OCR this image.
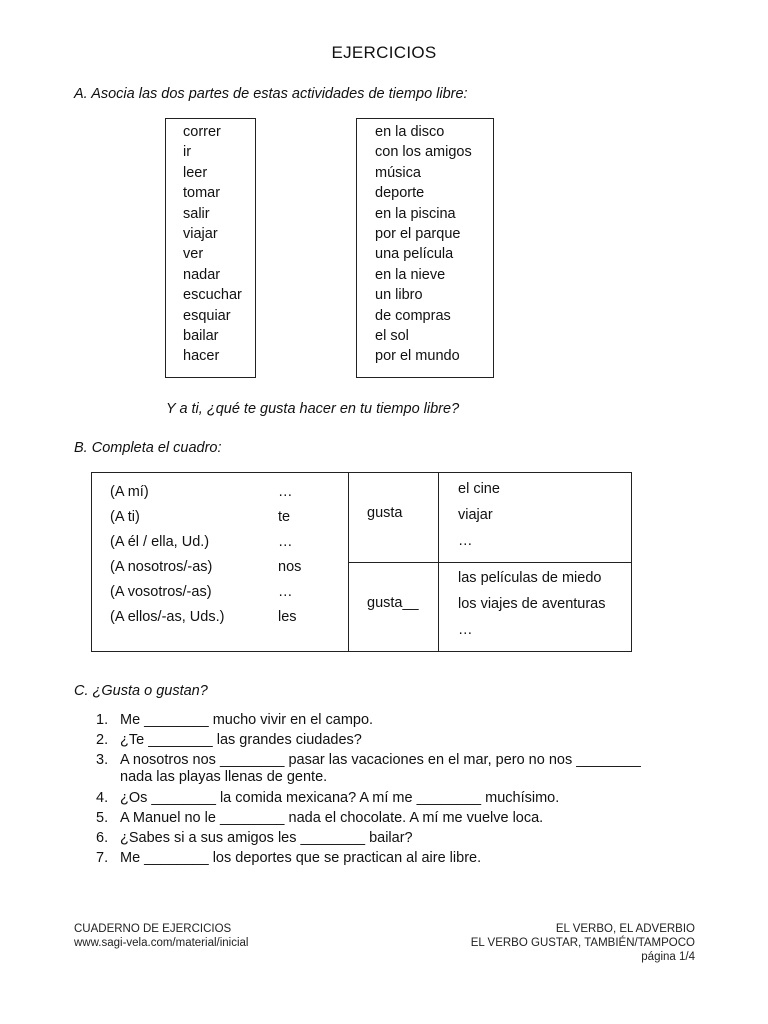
EJERCICIOS
A. Asocia las dos partes de estas actividades de tiempo libre:
correr
ir
leer
tomar
salir
viajar
ver
nadar
escuchar
esquiar
bailar
hacer
en la disco
con los amigos
música
deporte
en la piscina
por el parque
una película
en la nieve
un libro
de compras
el sol
por el mundo
Y a ti, ¿qué te gusta hacer en tu tiempo libre?
B. Completa el cuadro:
(A mí)
(A ti)
(A él / ella, Ud.)
(A nosotros/-as)
(A vosotros/-as)
(A ellos/-as, Uds.)
…
te
…
nos
…
les
gusta
gusta__
el cine
viajar
…
las películas de miedo
los viajes de aventuras
…
C. ¿Gusta o gustan?
1. Me ________ mucho vivir en el campo.
2. ¿Te ________ las grandes ciudades?
3. A nosotros nos ________ pasar las vacaciones en el mar, pero no nos ________
nada las playas llenas de gente.
4. ¿Os ________ la comida mexicana? A mí me ________ muchísimo.
5. A Manuel no le ________ nada el chocolate. A mí me vuelve loca.
6. ¿Sabes si a sus amigos les ________ bailar?
7. Me ________ los deportes que se practican al aire libre.
CUADERNO DE EJERCICIOS
www.sagi-vela.com/material/inicial
EL VERBO, EL ADVERBIO
EL VERBO GUSTAR, TAMBIÉN/TAMPOCO
página 1/4
